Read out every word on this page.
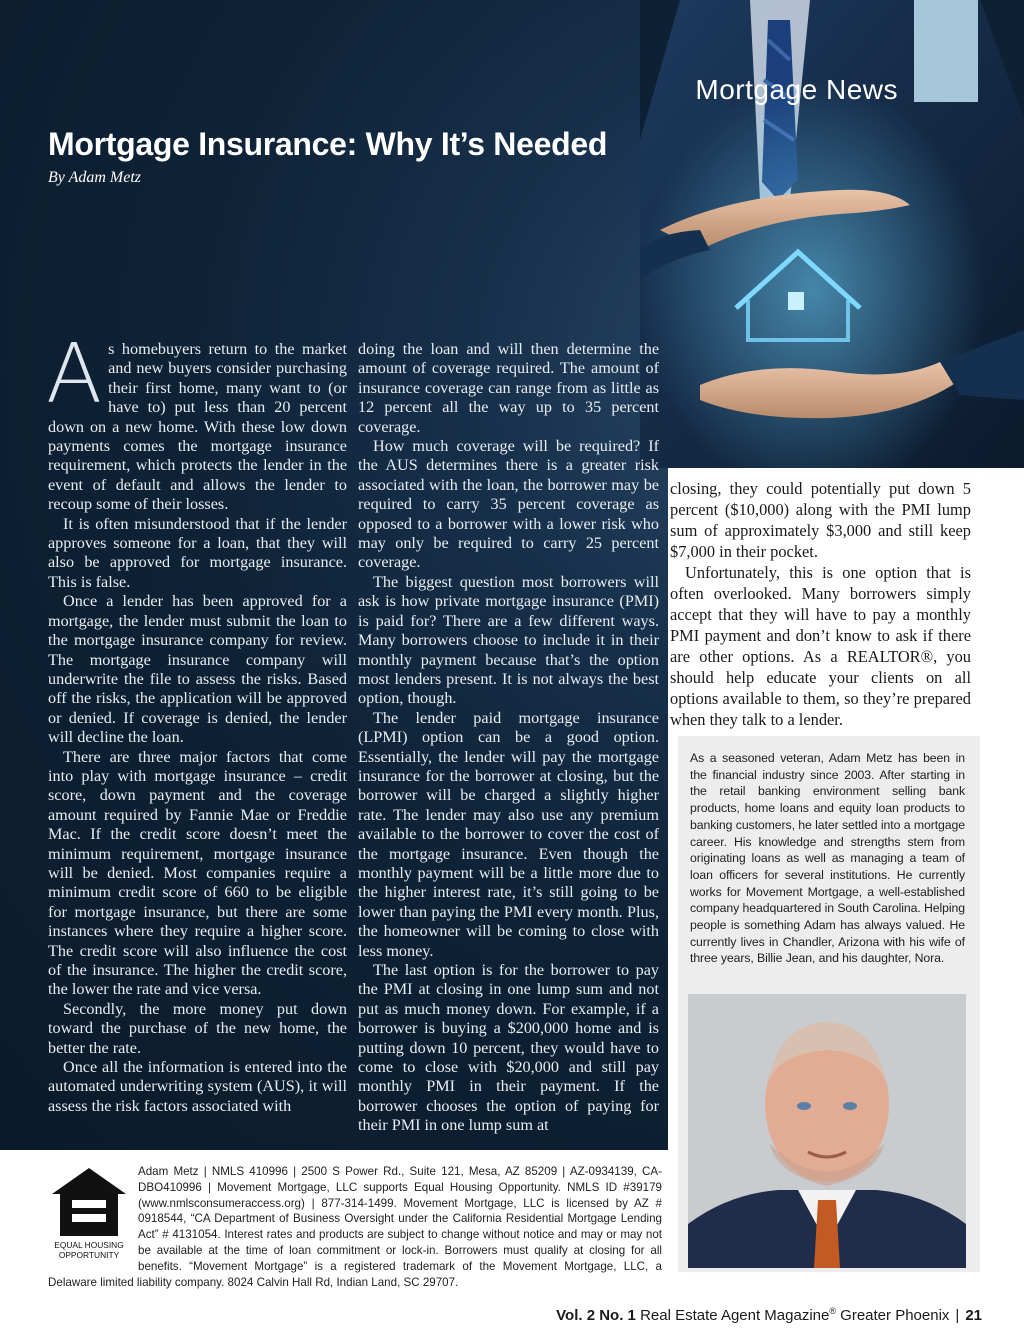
Mortgage News
Mortgage Insurance: Why It’s Needed
By Adam Metz

As homebuyers return to the market and new buyers consider purchasing their first home, many want to (or have to) put less than 20 percent down on a new home. With these low down payments comes the mortgage insurance requirement, which protects the lender in the event of default and allows the lender to recoup some of their losses.

It is often misunderstood that if the lender approves someone for a loan, that they will also be approved for mortgage insurance. This is false.

Once a lender has been approved for a mortgage, the lender must submit the loan to the mortgage insurance company for review. The mortgage insurance company will underwrite the file to assess the risks. Based off the risks, the application will be approved or denied. If coverage is denied, the lender will decline the loan.

There are three major factors that come into play with mortgage insurance – credit score, down payment and the coverage amount required by Fannie Mae or Freddie Mac. If the credit score doesn’t meet the minimum requirement, mortgage insurance will be denied. Most companies require a minimum credit score of 660 to be eligible for mortgage insurance, but there are some instances where they require a higher score. The credit score will also influence the cost of the insurance. The higher the credit score, the lower the rate and vice versa.

Secondly, the more money put down toward the purchase of the new home, the better the rate.

Once all the information is entered into the automated underwriting system (AUS), it will assess the risk factors associated with

doing the loan and will then determine the amount of coverage required. The amount of insurance coverage can range from as little as 12 percent all the way up to 35 percent coverage.

How much coverage will be required? If the AUS determines there is a greater risk associated with the loan, the borrower may be required to carry 35 percent coverage as opposed to a borrower with a lower risk who may only be required to carry 25 percent coverage.

The biggest question most borrowers will ask is how private mortgage insurance (PMI) is paid for? There are a few different ways. Many borrowers choose to include it in their monthly payment because that’s the option most lenders present. It is not always the best option, though.

The lender paid mortgage insurance (LPMI) option can be a good option. Essentially, the lender will pay the mortgage insurance for the borrower at closing, but the borrower will be charged a slightly higher rate. The lender may also use any premium available to the borrower to cover the cost of the mortgage insurance. Even though the monthly payment will be a little more due to the higher interest rate, it’s still going to be lower than paying the PMI every month. Plus, the homeowner will be coming to close with less money.

The last option is for the borrower to pay the PMI at closing in one lump sum and not put as much money down. For example, if a borrower is buying a $200,000 home and is putting down 10 percent, they would have to come to close with $20,000 and still pay monthly PMI in their payment. If the borrower chooses the option of paying for their PMI in one lump sum at

closing, they could potentially put down 5 percent ($10,000) along with the PMI lump sum of approximately $3,000 and still keep $7,000 in their pocket.

Unfortunately, this is one option that is often overlooked. Many borrowers simply accept that they will have to pay a monthly PMI payment and don’t know to ask if there are other options. As a REALTOR®, you should help educate your clients on all options available to them, so they’re prepared when they talk to a lender.

As a seasoned veteran, Adam Metz has been in the financial industry since 2003. After starting in the retail banking environment selling bank products, home loans and equity loan products to banking customers, he later settled into a mortgage career. His knowledge and strengths stem from originating loans as well as managing a team of loan officers for several institutions. He currently works for Movement Mortgage, a well-established company headquartered in South Carolina. Helping people is something Adam has always valued. He currently lives in Chandler, Arizona with his wife of three years, Billie Jean, and his daughter, Nora.
EQUAL HOUSING
OPPORTUNITY
Adam Metz | NMLS 410996 | 2500 S Power Rd., Suite 121, Mesa, AZ 85209 | AZ-0934139, CA-DBO410996 | Movement Mortgage, LLC supports Equal Housing Opportunity. NMLS ID #39179 (www.nmlsconsumeraccess.org) | 877-314-1499. Movement Mortgage, LLC is licensed by AZ # 0918544, “CA Department of Business Oversight under the California Residential Mortgage Lending Act” # 4131054. Interest rates and products are subject to change without notice and may or may not be available at the time of loan commitment or lock-in. Borrowers must qualify at closing for all benefits. “Movement Mortgage” is a registered trademark of the Movement Mortgage, LLC, a Delaware limited liability company. 8024 Calvin Hall Rd, Indian Land, SC 29707.
Vol. 2 No. 1 Real Estate Agent Magazine® Greater Phoenix | 21
